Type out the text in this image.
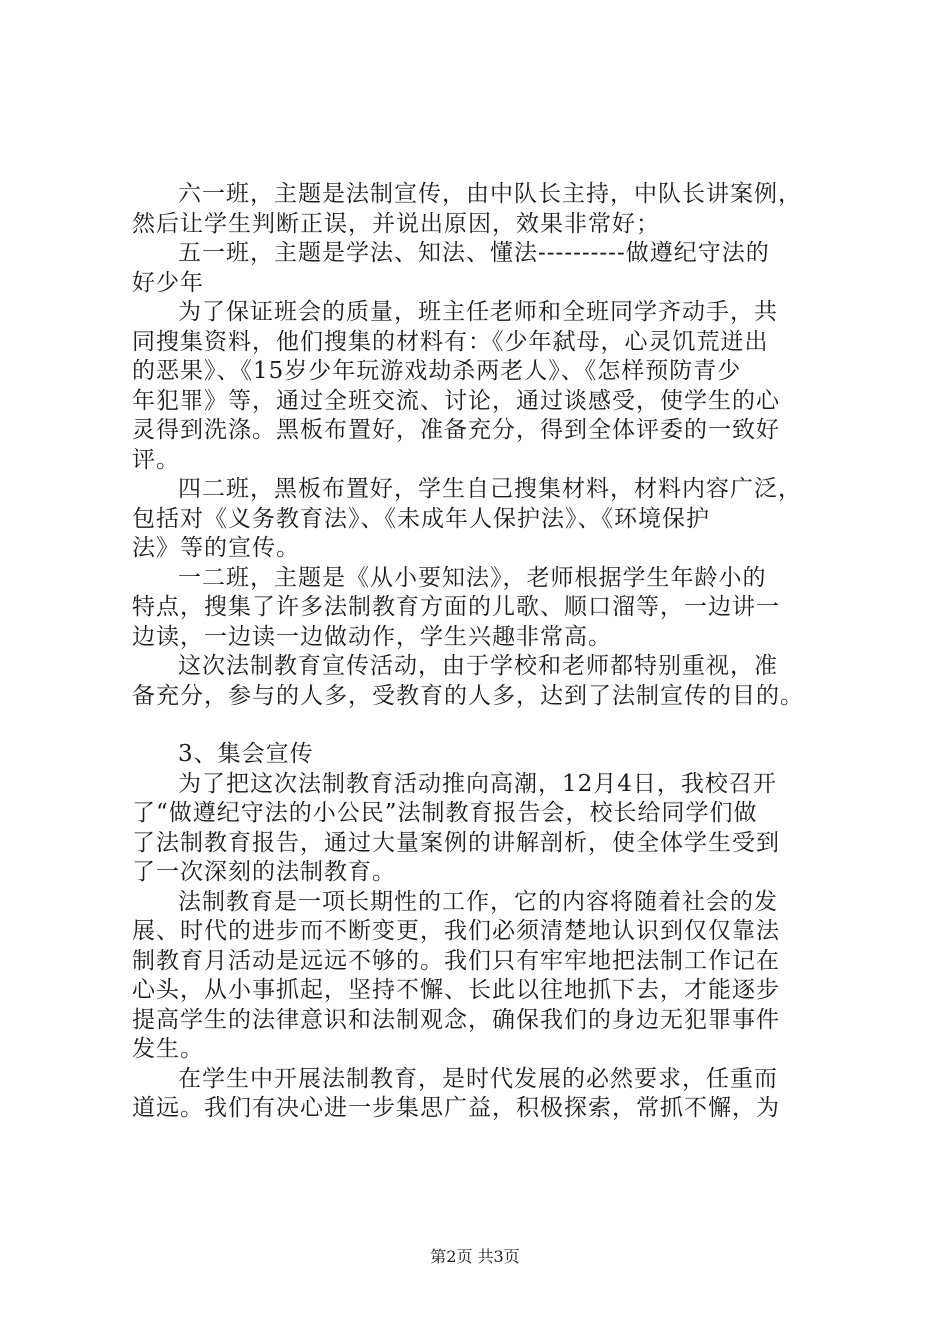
六一班，主题是法制宣传，由中队长主持，中队长讲案例，
然后让学生判断正误，并说出原因，效果非常好；

五一班，主题是学法、知法、懂法----------做遵纪守法的
好少年

为了保证班会的质量，班主任老师和全班同学齐动手，共
同搜集资料，他们搜集的材料有：《少年弑母，心灵饥荒迸出
的恶果》、《15岁少年玩游戏劫杀两老人》、《怎样预防青少
年犯罪》等，通过全班交流、讨论，通过谈感受，使学生的心
灵得到洗涤。黑板布置好，准备充分，得到全体评委的一致好
评。

四二班，黑板布置好，学生自己搜集材料，材料内容广泛，
包括对《义务教育法》、《未成年人保护法》、《环境保护
法》等的宣传。

一二班，主题是《从小要知法》，老师根据学生年龄小的
特点，搜集了许多法制教育方面的儿歌、顺口溜等，一边讲一
边读，一边读一边做动作，学生兴趣非常高。

这次法制教育宣传活动，由于学校和老师都特别重视，准
备充分，参与的人多，受教育的人多，达到了法制宣传的目的。

3、集会宣传

为了把这次法制教育活动推向高潮，12月4日，我校召开
了“做遵纪守法的小公民”法制教育报告会，校长给同学们做
了法制教育报告，通过大量案例的讲解剖析，使全体学生受到
了一次深刻的法制教育。

法制教育是一项长期性的工作，它的内容将随着社会的发
展、时代的进步而不断变更，我们必须清楚地认识到仅仅靠法
制教育月活动是远远不够的。我们只有牢牢地把法制工作记在
心头，从小事抓起，坚持不懈、长此以往地抓下去，才能逐步
提高学生的法律意识和法制观念，确保我们的身边无犯罪事件
发生。

在学生中开展法制教育，是时代发展的必然要求，任重而
道远。我们有决心进一步集思广益，积极探索，常抓不懈，为

第2页 共3页
